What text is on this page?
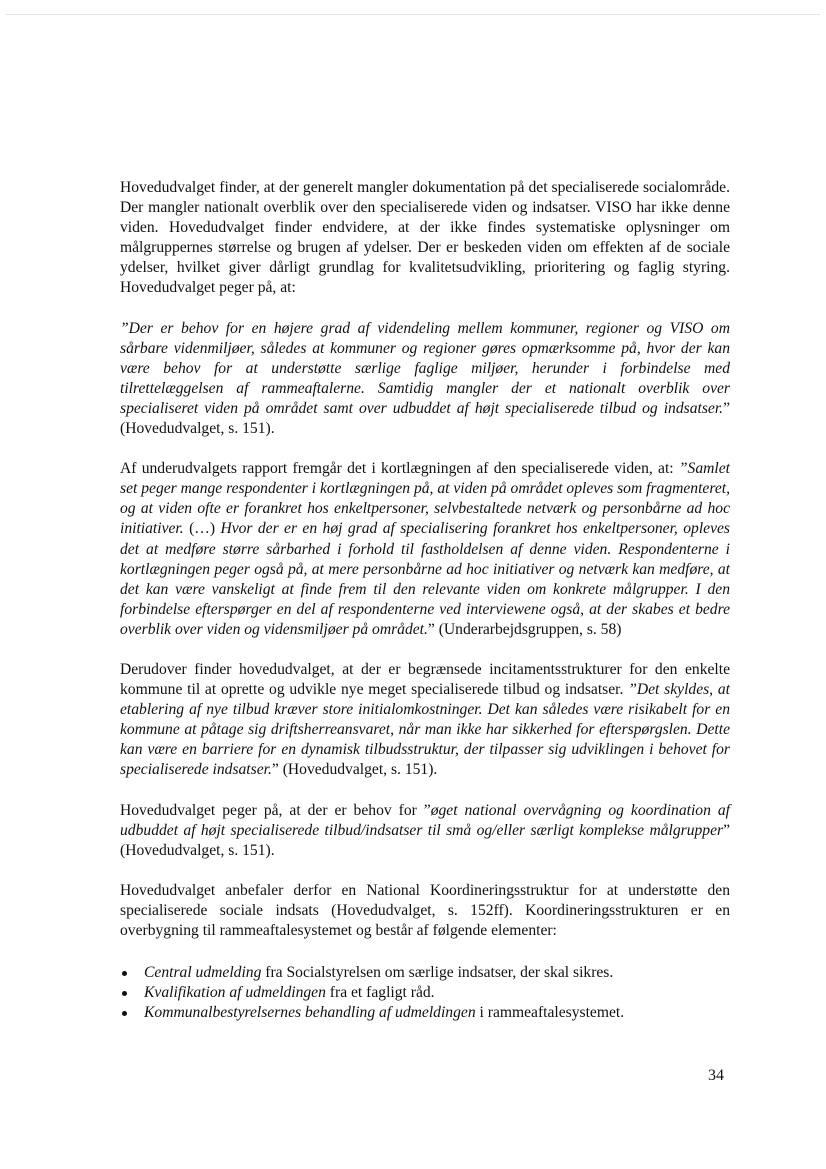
Hovedudvalget finder, at der generelt mangler dokumentation på det specialiserede socialområde. Der mangler nationalt overblik over den specialiserede viden og indsatser. VISO har ikke denne viden. Hovedudvalget finder endvidere, at der ikke findes systematiske oplysninger om målgruppernes størrelse og brugen af ydelser. Der er beskeden viden om effekten af de sociale ydelser, hvilket giver dårligt grundlag for kvalitetsudvikling, prioritering og faglig styring. Hovedudvalget peger på, at:

”Der er behov for en højere grad af videndeling mellem kommuner, regioner og VISO om sårbare videnmiljøer, således at kommuner og regioner gøres opmærksomme på, hvor der kan være behov for at understøtte særlige faglige miljøer, herunder i forbindelse med tilrettelæggelsen af rammeaftalerne. Samtidig mangler der et nationalt overblik over specialiseret viden på området samt over udbuddet af højt specialiserede tilbud og indsatser.” (Hovedudvalget, s. 151).

Af underudvalgets rapport fremgår det i kortlægningen af den specialiserede viden, at: ”Samlet set peger mange respondenter i kortlægningen på, at viden på området opleves som fragmenteret, og at viden ofte er forankret hos enkeltpersoner, selvbestaltede netværk og personbårne ad hoc initiativer. (…) Hvor der er en høj grad af specialisering forankret hos enkeltpersoner, opleves det at medføre større sårbarhed i forhold til fastholdelsen af denne viden. Respondenterne i kortlægningen peger også på, at mere personbårne ad hoc initiativer og netværk kan medføre, at det kan være vanskeligt at finde frem til den relevante viden om konkrete målgrupper. I den forbindelse efterspørger en del af respondenterne ved interviewene også, at der skabes et bedre overblik over viden og vidensmiljøer på området.” (Underarbejdsgruppen, s. 58)

Derudover finder hovedudvalget, at der er begrænsede incitamentsstrukturer for den enkelte kommune til at oprette og udvikle nye meget specialiserede tilbud og indsatser. ”Det skyldes, at etablering af nye tilbud kræver store initialomkostninger. Det kan således være risikabelt for en kommune at påtage sig driftsherreansvaret, når man ikke har sikkerhed for efterspørgslen. Dette kan være en barriere for en dynamisk tilbudsstruktur, der tilpasser sig udviklingen i behovet for specialiserede indsatser.” (Hovedudvalget, s. 151).

Hovedudvalget peger på, at der er behov for ”øget national overvågning og koordination af udbuddet af højt specialiserede tilbud/indsatser til små og/eller særligt komplekse målgrupper” (Hovedudvalget, s. 151).

Hovedudvalget anbefaler derfor en National Koordineringsstruktur for at understøtte den specialiserede sociale indsats (Hovedudvalget, s. 152ff). Koordineringsstrukturen er en overbygning til rammeaftalesystemet og består af følgende elementer:

Central udmelding fra Socialstyrelsen om særlige indsatser, der skal sikres.
Kvalifikation af udmeldingen fra et fagligt råd.
Kommunalbestyrelsernes behandling af udmeldingen i rammeaftalesystemet.
34
